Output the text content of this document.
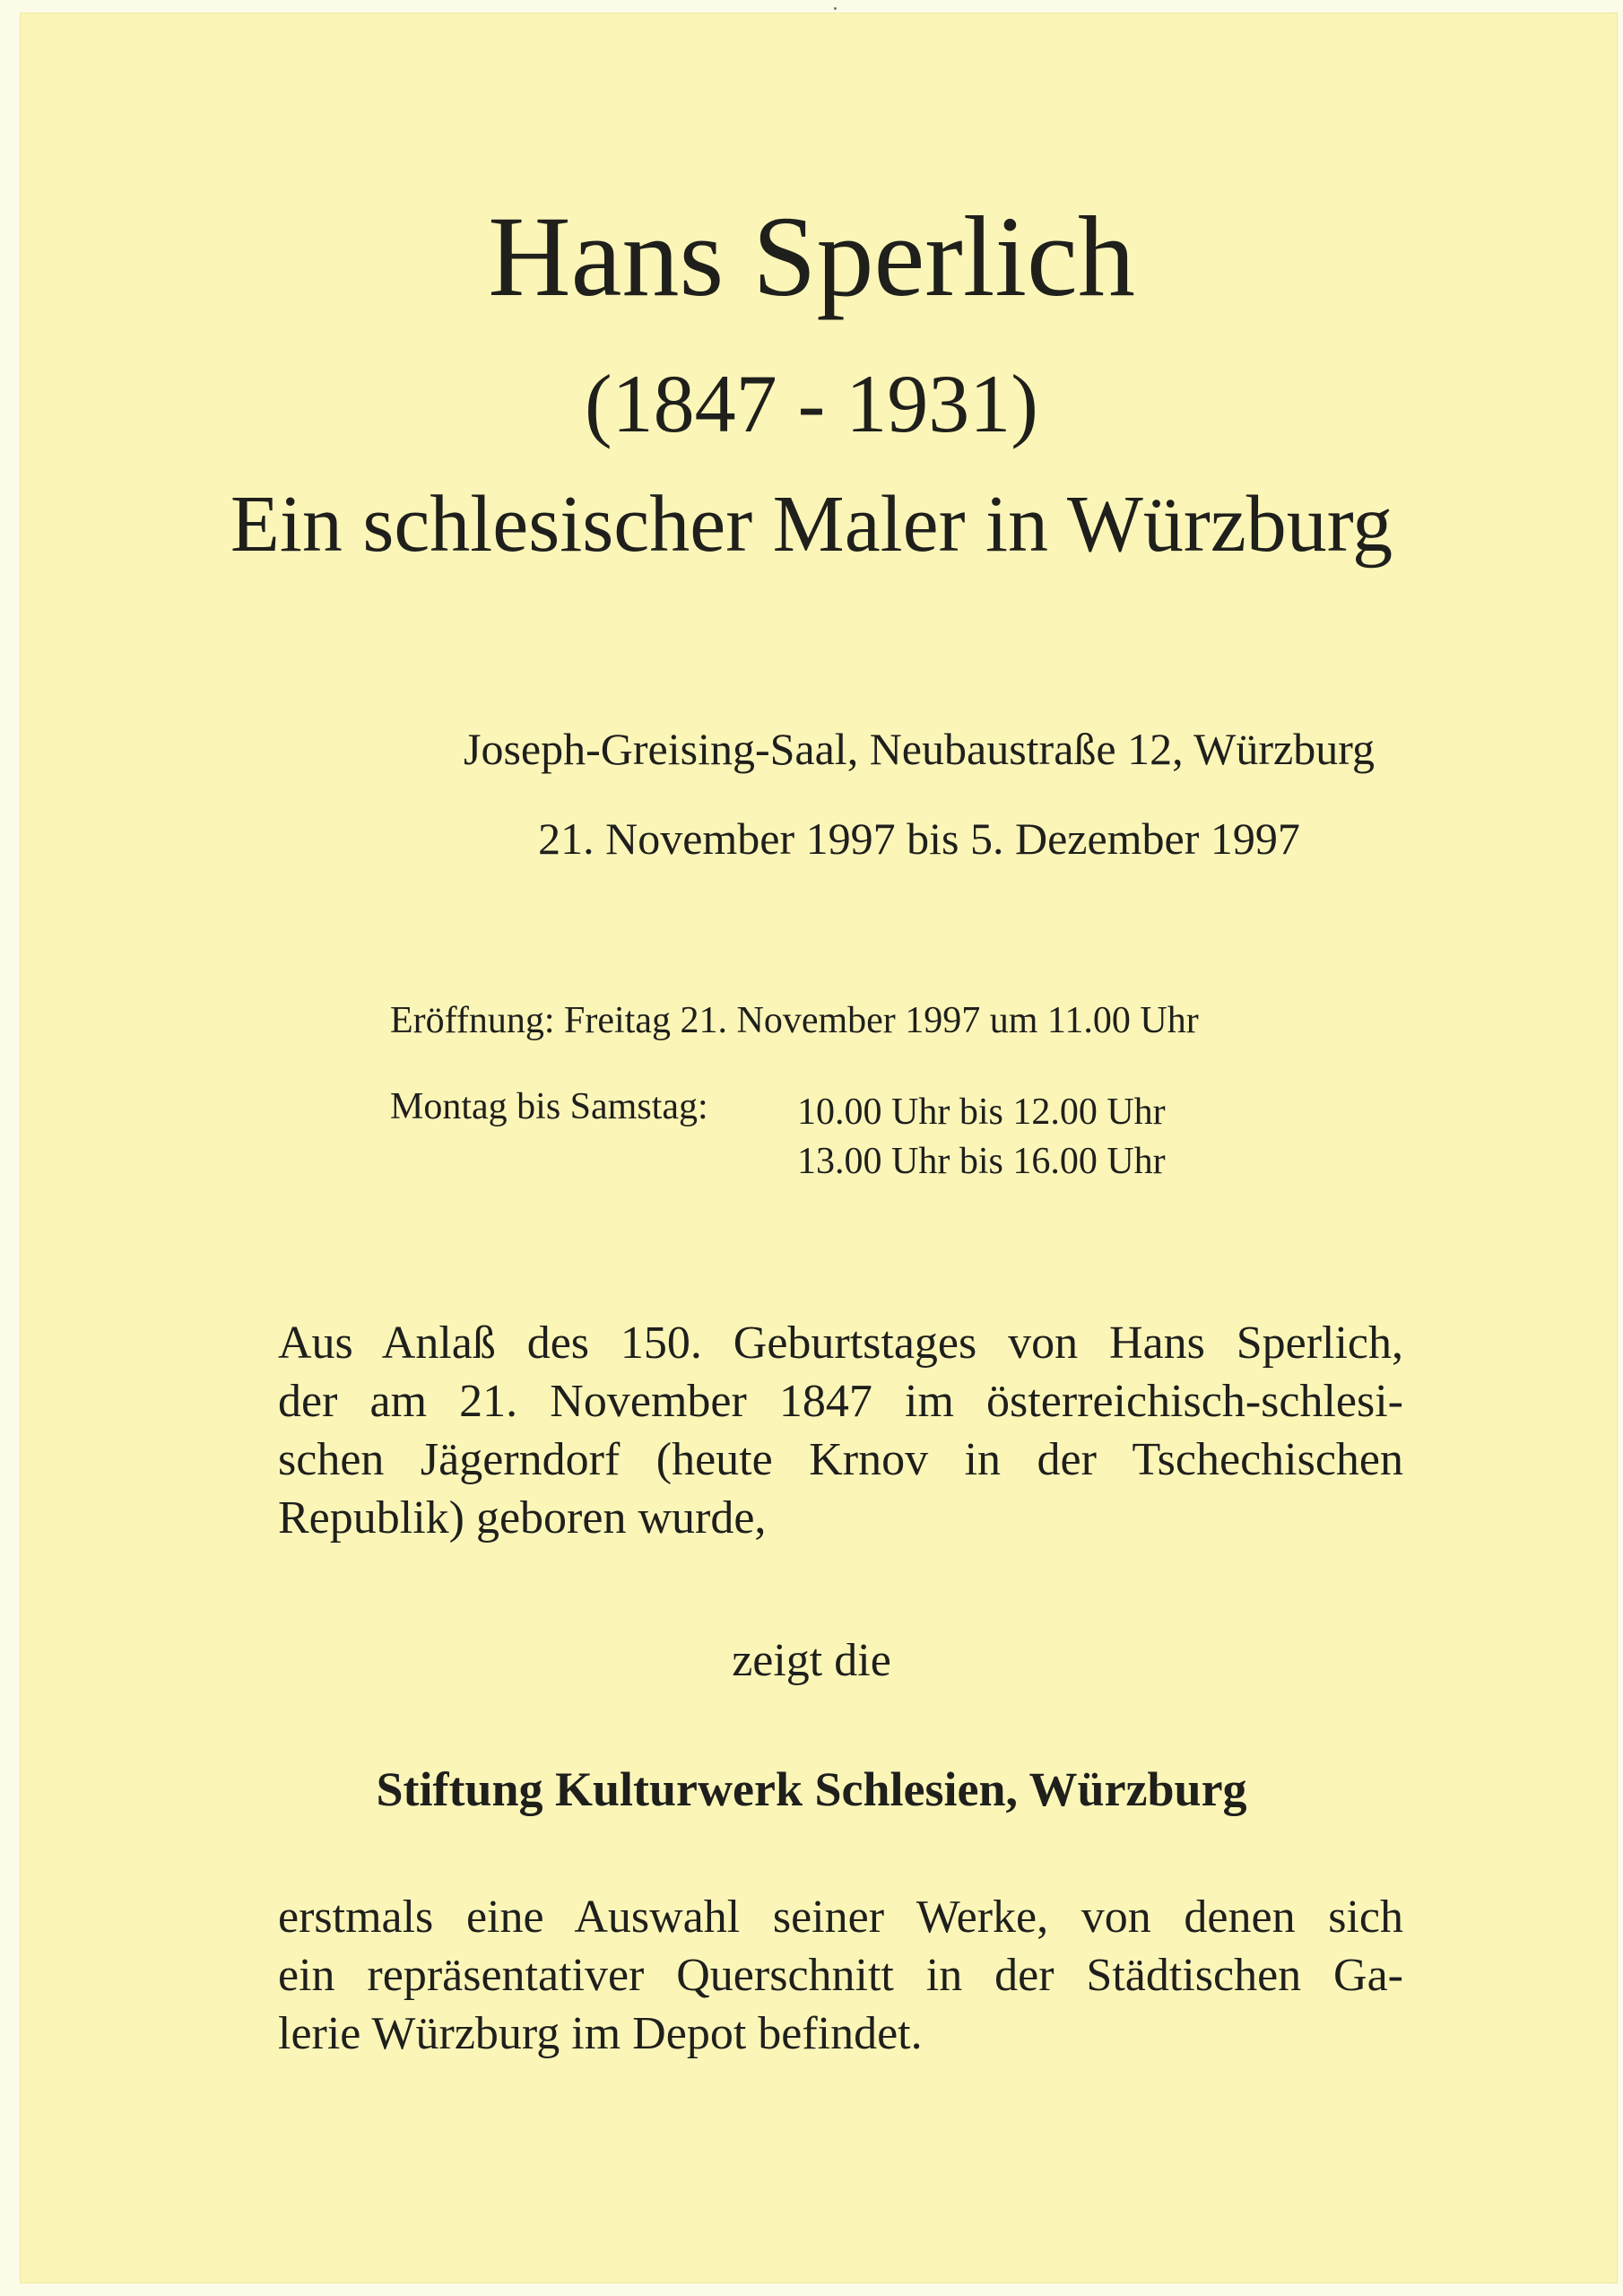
Hans Sperlich
(1847 - 1931)
Ein schlesischer Maler in Würzburg
Joseph-Greising-Saal, Neubaustraße 12, Würzburg
21. November 1997 bis 5. Dezember 1997
Eröffnung: Freitag 21. November 1997 um 11.00 Uhr
Montag bis Samstag: 10.00 Uhr bis 12.00 Uhr
13.00 Uhr bis 16.00 Uhr
Aus Anlaß des 150. Geburtstages von Hans Sperlich,
der am 21. November 1847 im österreichisch-schlesi-
schen Jägerndorf (heute Krnov in der Tschechischen
Republik) geboren wurde,
zeigt die
Stiftung Kulturwerk Schlesien, Würzburg
erstmals eine Auswahl seiner Werke, von denen sich
ein repräsentativer Querschnitt in der Städtischen Ga-
lerie Würzburg im Depot befindet.
